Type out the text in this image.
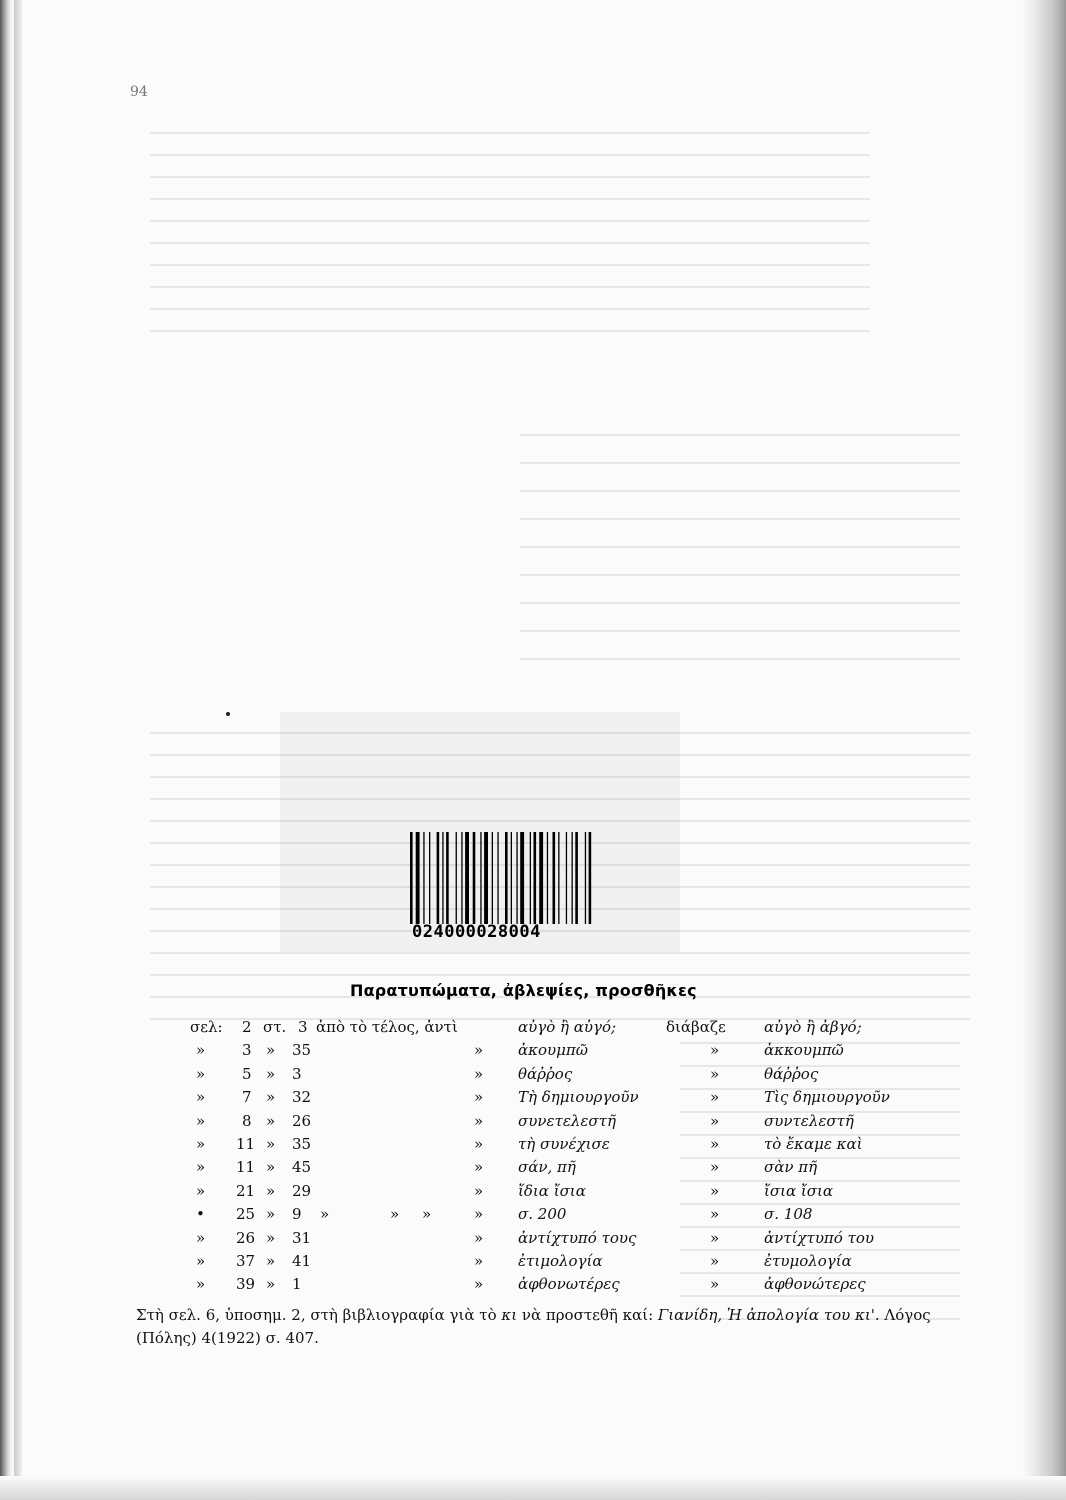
94
024000028004
Παρατυπώματα, ἀβλεψίες, προσθῆκες
σελ: 2 στ. 3 ἀπὸ τὸ τέλος, ἀντὶ	αὐγὸ ἢ αὐγό;	διάβαζε	αὐγὸ ἢ ἀβγό;
» 3 » 35	» ἀκουμπῶ	»	ἀκκουμπῶ
» 5 » 3	» θάῤῥος	»	θάῤῥος
» 7 » 32	» Τὴ δημιουργοῦν	»	Τὶς δημιουργοῦν
» 8 » 26	» συνετελεστῆ	»	συντελεστῆ
» 11 » 35	» τὴ συνέχισε	»	τὸ ἔκαμε καὶ
» 11 » 45	» σάν, πῆ	»	σὰν πῆ
» 21 » 29	» ἴδια ἴσια	»	ἴσια ἴσια
• 25 » 9 »	» »	» σ. 200	»	σ. 108
» 26 » 31	» ἀντίχτυπό τους	»	ἀντίχτυπό του
» 37 » 41	» ἐτιμολογία	»	ἐτυμολογία
» 39 » 1	» ἀφθονωτέρες	»	ἀφθονώτερες
Στὴ σελ. 6, ὑποσημ. 2, στὴ βιβλιογραφία γιὰ τὸ κι νὰ προστεθῆ καί: Γιανίδη, Ἡ ἀπολογία του κι'. Λόγος (Πόλης) 4(1922) σ. 407.
